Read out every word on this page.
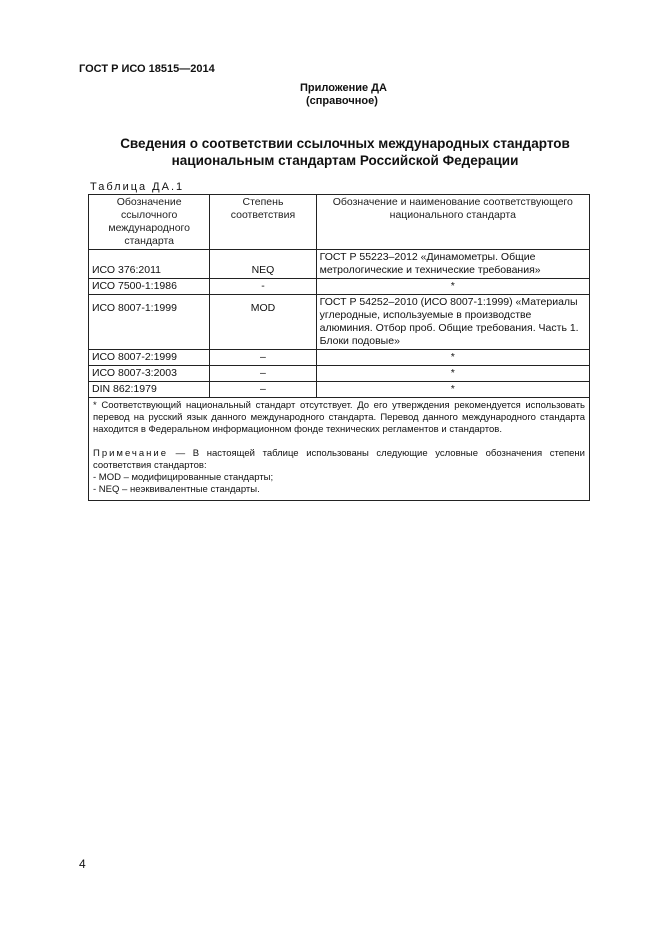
ГОСТ Р ИСО 18515—2014
Приложение ДА
(справочное)
Сведения о соответствии ссылочных международных стандартов
национальным стандартам Российской Федерации
Таблица ДА.1
Обозначение ссылочного международного стандарта	Степень соответствия	Обозначение и наименование соответствующего национального стандарта
ИСО 376:2011	NEQ	ГОСТ Р 55223–2012 «Динамометры. Общие метрологические и технические требования»
ИСО 7500-1:1986	-	*
ИСО 8007-1:1999	MOD	ГОСТ Р 54252–2010 (ИСО 8007-1:1999) «Материалы углеродные, используемые в производстве алюминия. Отбор проб. Общие требования. Часть 1. Блоки подовые»
ИСО 8007-2:1999	–	*
ИСО 8007-3:2003	–	*
DIN 862:1979	–	*

* Соответствующий национальный стандарт отсутствует. До его утверждения рекомендуется использовать перевод на русский язык данного международного стандарта. Перевод данного международного стандарта находится в Федеральном информационном фонде технических регламентов и стандартов.

Примечание — В настоящей таблице использованы следующие условные обозначения степени соответствия стандартов:

- MOD – модифицированные стандарты;

- NEQ – неэквивалентные стандарты.		

4
